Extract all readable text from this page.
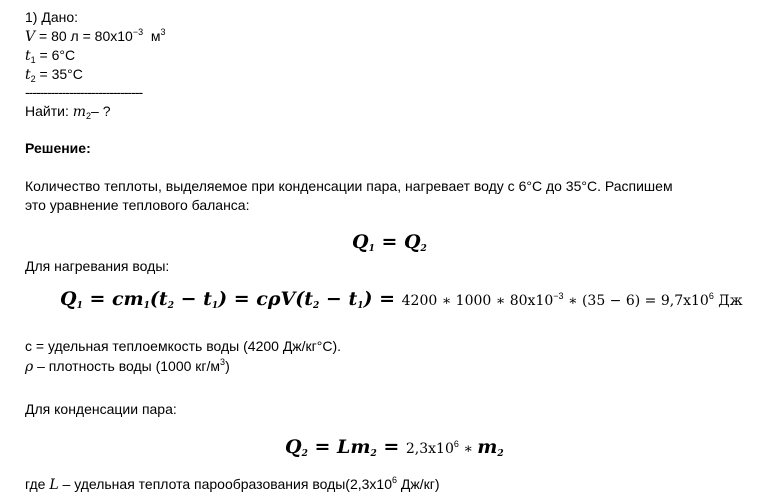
1) Дано:
V = 80 $л = 80x10^{-3}$ $м^3$
$t_1 = 6^\circ C$
$t_2 = 35^\circ C$
--------------------------------
Найти: $m_2-$ ?
Решение:
Количество теплоты, выделяемое при конденсации пара, нагревает воду с 6°C до 35°C. Распишем
это уравнение теплового баланса:
$Q_1 = Q_2$
Для нагревания воды:
$Q_1 = cm_1(t_2 - t_1) = c\rho V(t_2 - t_1) = 4200$ ∗ 1000 ∗ $80x10^{-3}$ ∗ $(35 - 6) = 9,7x10^6$ Дж
c = удельная теплоемкость воды (4200 Дж/кг°C).
ρ – плотность воды (1000 $кг/м^3$)
Для конденсации пара:
$Q_2 = Lm_2 = 2,3x10^6$ ∗ $m_2$
где L – удельная теплота парообразования $воды(2,3x10^6$ Дж/кг)
